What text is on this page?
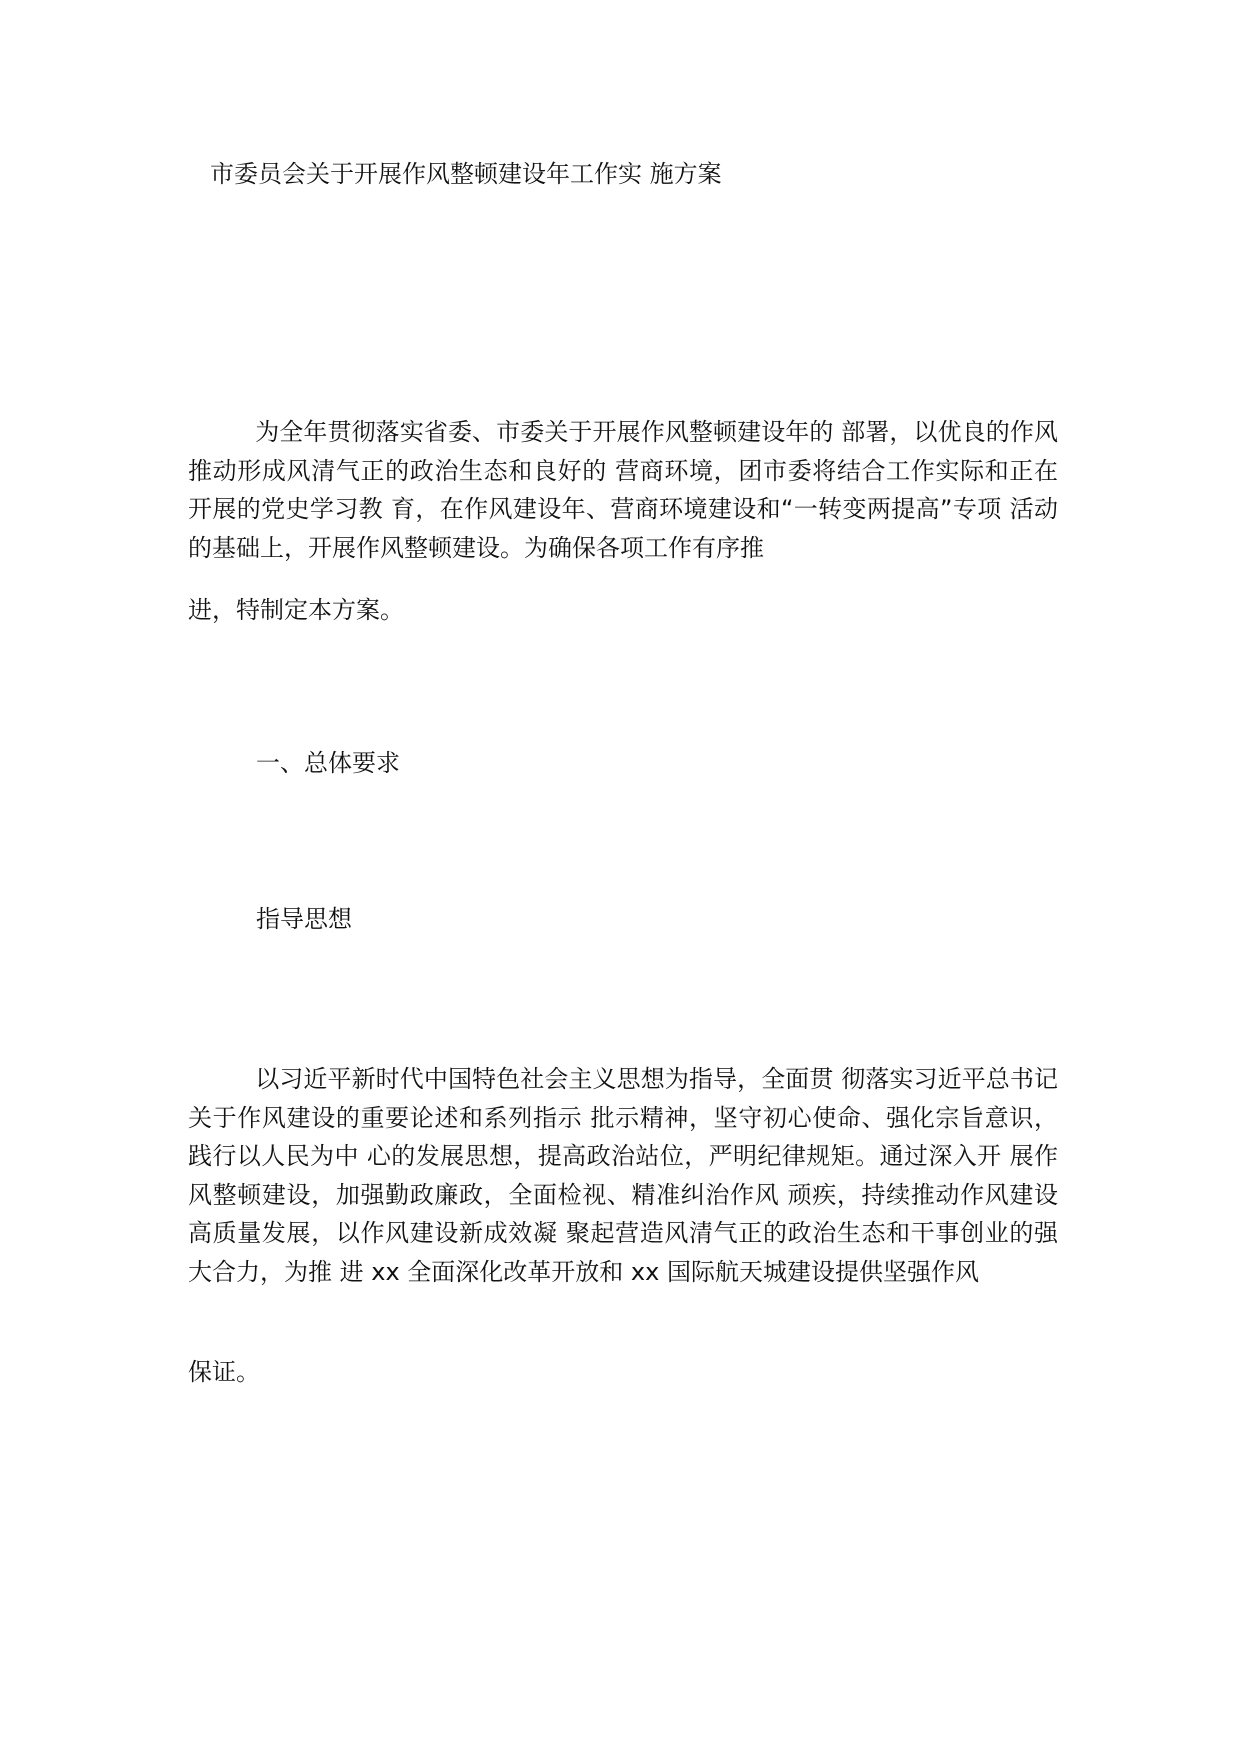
市委员会关于开展作风整顿建设年工作实 施方案
为全年贯彻落实省委、市委关于开展作风整顿建设年的 部署，以优良的作风推动形成风清气正的政治生态和良好的 营商环境，团市委将结合工作实际和正在开展的党史学习教 育，在作风建设年、营商环境建设和“一转变两提高”专项 活动的基础上，开展作风整顿建设。为确保各项工作有序推
进，特制定本方案。
一、总体要求
指导思想
以习近平新时代中国特色社会主义思想为指导，全面贯 彻落实习近平总书记关于作风建设的重要论述和系列指示 批示精神，坚守初心使命、强化宗旨意识，践行以人民为中 心的发展思想，提高政治站位，严明纪律规矩。通过深入开 展作风整顿建设，加强勤政廉政，全面检视、精准纠治作风 顽疾，持续推动作风建设高质量发展，以作风建设新成效凝 聚起营造风清气正的政治生态和干事创业的强大合力，为推 进 xx 全面深化改革开放和 xx 国际航天城建设提供坚强作风
保证。
